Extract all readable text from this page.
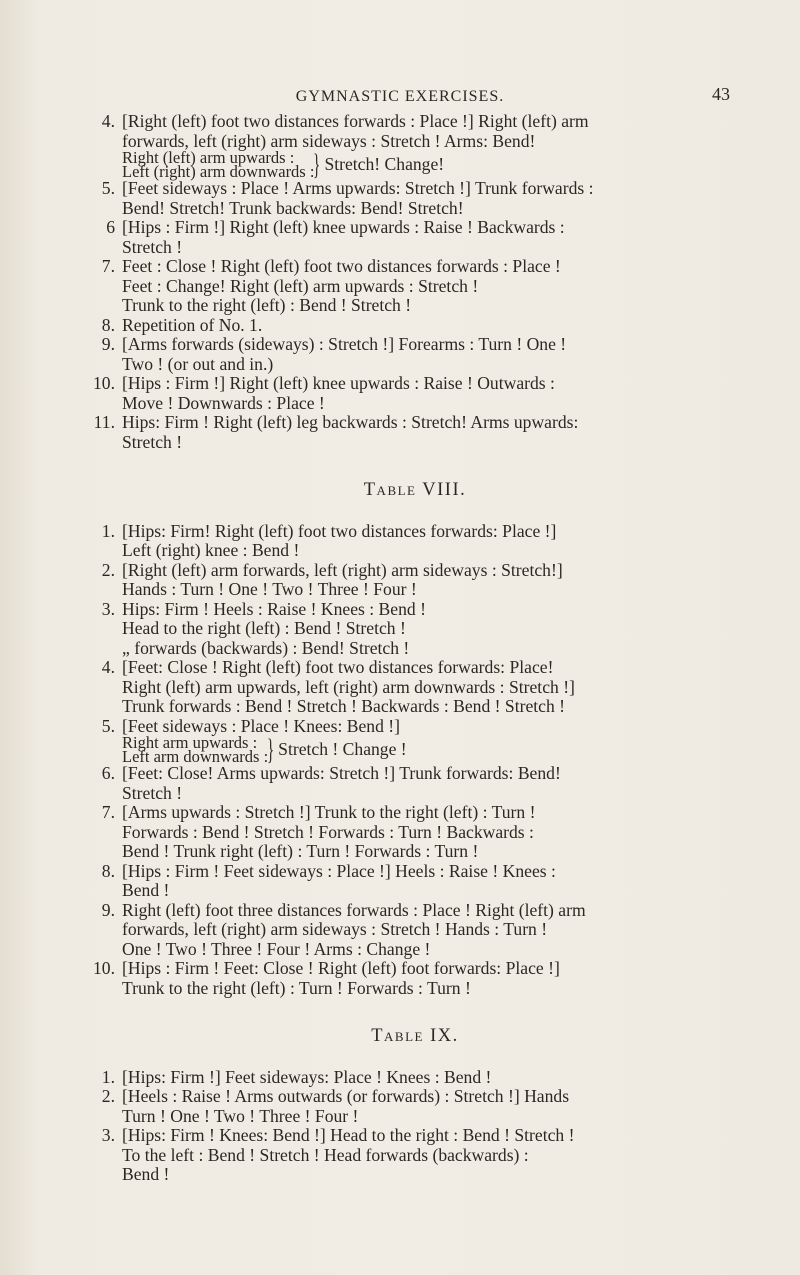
GYMNASTIC EXERCISES.	43
4. [Right (left) foot two distances forwards : Place !] Right (left) arm
forwards, left (right) arm sideways : Stretch ! Arms: Bend!
Right (left) arm upwards :
Left (right) arm downwards : } Stretch! Change!
5. [Feet sideways : Place ! Arms upwards: Stretch !] Trunk forwards :
Bend! Stretch! Trunk backwards: Bend! Stretch!
6 [Hips : Firm !] Right (left) knee upwards : Raise ! Backwards :
Stretch !
7. Feet : Close ! Right (left) foot two distances forwards : Place !
Feet : Change! Right (left) arm upwards : Stretch !
Trunk to the right (left) : Bend ! Stretch !
8. Repetition of No. 1.
9. [Arms forwards (sideways) : Stretch !] Forearms : Turn ! One !
Two ! (or out and in.)
10. [Hips : Firm !] Right (left) knee upwards : Raise ! Outwards :
Move ! Downwards : Place !
11. Hips: Firm ! Right (left) leg backwards : Stretch! Arms upwards:
Stretch !
Table VIII.
1. [Hips: Firm! Right (left) foot two distances forwards: Place !]
Left (right) knee : Bend !
2. [Right (left) arm forwards, left (right) arm sideways : Stretch!]
Hands : Turn ! One ! Two ! Three ! Four !
3. Hips: Firm ! Heels : Raise ! Knees : Bend !
Head to the right (left) : Bend ! Stretch !
„ forwards (backwards) : Bend! Stretch !
4. [Feet: Close ! Right (left) foot two distances forwards: Place!
Right (left) arm upwards, left (right) arm downwards : Stretch !]
Trunk forwards : Bend ! Stretch ! Backwards : Bend ! Stretch !
5. [Feet sideways : Place ! Knees: Bend !]
Right arm upwards :
Left arm downwards : } Stretch ! Change !
6. [Feet: Close! Arms upwards: Stretch !] Trunk forwards: Bend!
Stretch !
7. [Arms upwards : Stretch !] Trunk to the right (left) : Turn !
Forwards : Bend ! Stretch ! Forwards : Turn ! Backwards :
Bend ! Trunk right (left) : Turn ! Forwards : Turn !
8. [Hips : Firm ! Feet sideways : Place !] Heels : Raise ! Knees :
Bend !
9. Right (left) foot three distances forwards : Place ! Right (left) arm
forwards, left (right) arm sideways : Stretch ! Hands : Turn !
One ! Two ! Three ! Four ! Arms : Change !
10. [Hips : Firm ! Feet: Close ! Right (left) foot forwards: Place !]
Trunk to the right (left) : Turn ! Forwards : Turn !
Table IX.
1. [Hips: Firm !] Feet sideways: Place ! Knees : Bend !
2. [Heels : Raise ! Arms outwards (or forwards) : Stretch !] Hands
Turn ! One ! Two ! Three ! Four !
3. [Hips: Firm ! Knees: Bend !] Head to the right : Bend ! Stretch !
To the left : Bend ! Stretch ! Head forwards (backwards) :
Bend !
